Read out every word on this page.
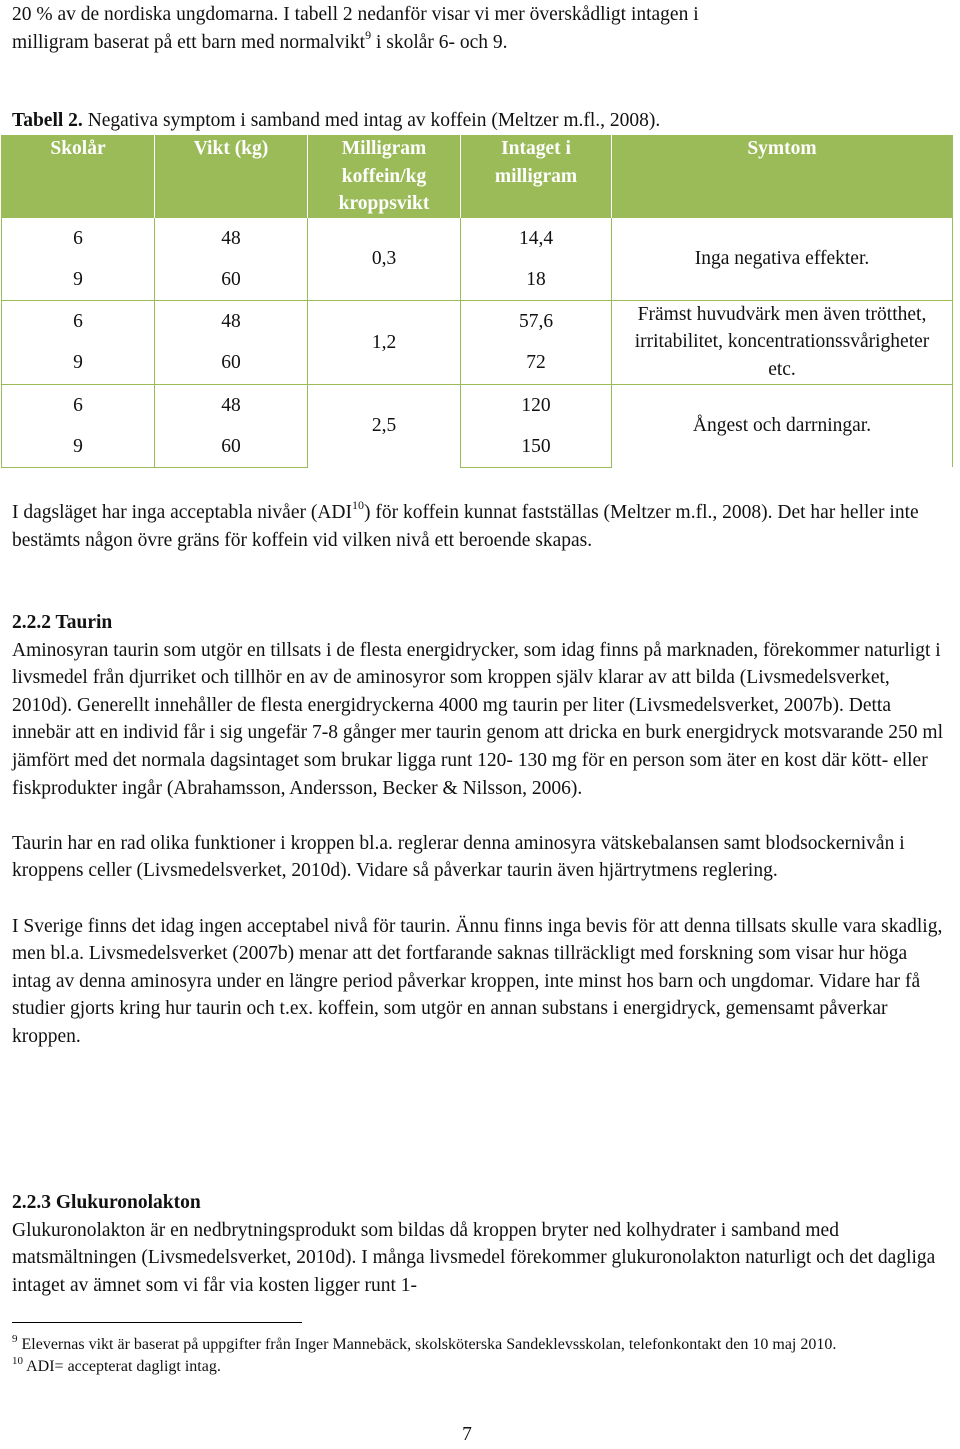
20 % av de nordiska ungdomarna. I tabell 2 nedanför visar vi mer överskådligt intagen i
milligram baserat på ett barn med normalvikt$^9$ i skolår 6- och 9.

Tabell 2. Negativa symptom i samband med intag av koffein (Meltzer m.fl., 2008).
Skolår	Vikt (kg)	Milligram koffein/kg kroppsvikt	Intaget i milligram	Symtom
6	48	0,3	14,4	Inga negativa effekter.
9	60		18	
6	48	1,2	57,6	Främst huvudvärk men även trötthet, irritabilitet, koncentrationssvårigheter etc.

9	60		72	
6	48	2,5	120	Ångest och darrningar.
9	60		150	

I dagsläget har inga acceptabla nivåer (ADI$^{10}$) för koffein kunnat fastställas (Meltzer m.fl., 2008). Det har heller inte bestämts någon övre gräns för koffein vid vilken nivå ett beroende skapas.

2.2.2 Taurin

Aminosyran taurin som utgör en tillsats i de flesta energidrycker, som idag finns på marknaden, förekommer naturligt i livsmedel från djurriket och tillhör en av de aminosyror som kroppen själv klarar av att bilda (Livsmedelsverket, 2010d). Generellt innehåller de flesta energidryckerna 4000 mg taurin per liter (Livsmedelsverket, 2007b). Detta innebär att en individ får i sig ungefär 7-8 gånger mer taurin genom att dricka en burk energidryck motsvarande 250 ml jämfört med det normala dagsintaget som brukar ligga runt 120- 130 mg för en person som äter en kost där kött- eller fiskprodukter ingår (Abrahamsson, Andersson, Becker & Nilsson, 2006).

Taurin har en rad olika funktioner i kroppen bl.a. reglerar denna aminosyra vätskebalansen samt blodsockernivån i kroppens celler (Livsmedelsverket, 2010d). Vidare så påverkar taurin även hjärtrytmens reglering.

I Sverige finns det idag ingen acceptabel nivå för taurin. Ännu finns inga bevis för att denna tillsats skulle vara skadlig, men bl.a. Livsmedelsverket (2007b) menar att det fortfarande saknas tillräckligt med forskning som visar hur höga intag av denna aminosyra under en längre period påverkar kroppen, inte minst hos barn och ungdomar. Vidare har få studier gjorts kring hur taurin och t.ex. koffein, som utgör en annan substans i energidryck, gemensamt påverkar kroppen.

2.2.3 Glukuronolakton

Glukuronolakton är en nedbrytningsprodukt som bildas då kroppen bryter ned kolhydrater i samband med matsmältningen (Livsmedelsverket, 2010d). I många livsmedel förekommer glukuronolakton naturligt och det dagliga intaget av ämnet som vi får via kosten ligger runt 1-

$^9$ Elevernas vikt är baserat på uppgifter från Inger Mannebäck, skolsköterska Sandeklevsskolan, telefonkontakt den 10 maj 2010.

$^{10}$ ADI= accepterat dagligt intag.

7
